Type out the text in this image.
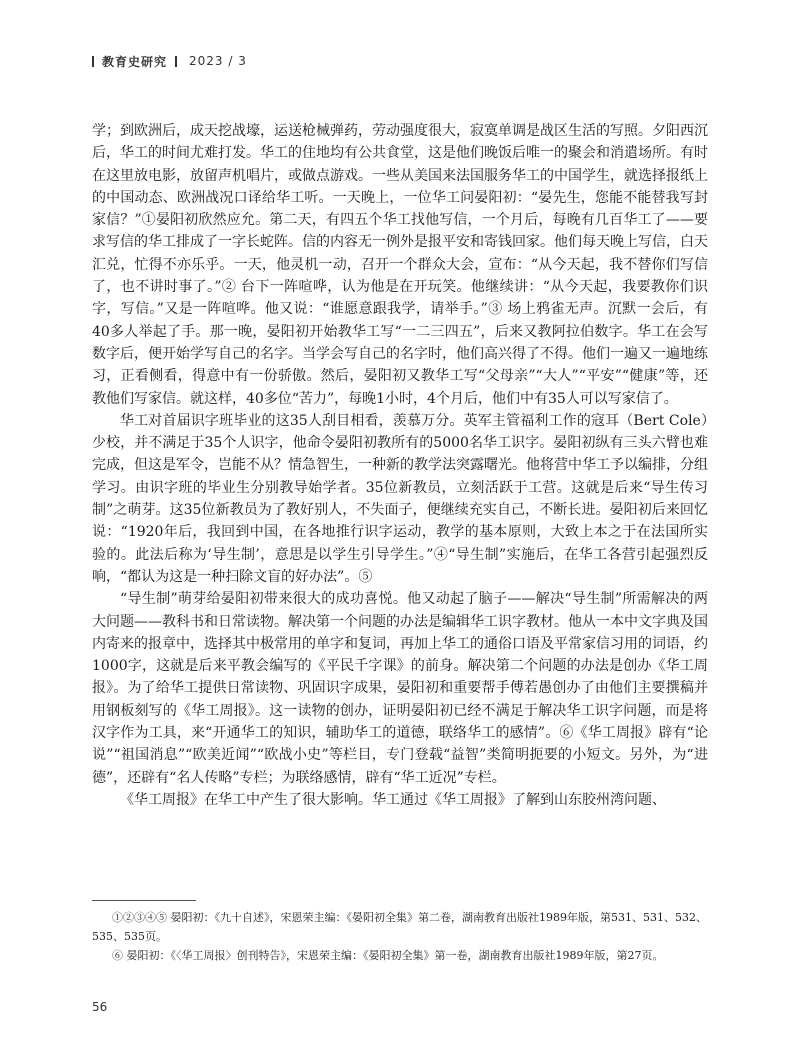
教育史研究 2023 / 3

学；到欧洲后，成天挖战壕，运送枪械弹药，劳动强度很大，寂寞单调是战区生活的写照。夕阳西沉后，华工的时间尤难打发。华工的住地均有公共食堂，这是他们晚饭后唯一的聚会和消遣场所。有时在这里放电影，放留声机唱片，或做点游戏。一些从美国来法国服务华工的中国学生，就选择报纸上的中国动态、欧洲战况口译给华工听。一天晚上，一位华工问晏阳初：“晏先生，您能不能替我写封家信？”①晏阳初欣然应允。第二天，有四五个华工找他写信，一个月后，每晚有几百华工了——要求写信的华工排成了一字长蛇阵。信的内容无一例外是报平安和寄钱回家。他们每天晚上写信，白天汇兑，忙得不亦乐乎。一天，他灵机一动，召开一个群众大会，宣布：“从今天起，我不替你们写信了，也不讲时事了。”② 台下一阵喧哗，认为他是在开玩笑。他继续讲：“从今天起，我要教你们识字，写信。”又是一阵喧哗。他又说：“谁愿意跟我学，请举手。”③ 场上鸦雀无声。沉默一会后，有40多人举起了手。那一晚，晏阳初开始教华工写“一二三四五”，后来又教阿拉伯数字。华工在会写数字后，便开始学写自己的名字。当学会写自己的名字时，他们高兴得了不得。他们一遍又一遍地练习，正看侧看，得意中有一份骄傲。然后，晏阳初又教华工写“父母亲”“大人”“平安”“健康”等，还教他们写家信。就这样，40多位“苦力”，每晚1小时，4个月后，他们中有35人可以写家信了。

华工对首届识字班毕业的这35人刮目相看，羡慕万分。英军主管福利工作的寇耳（Bert Cole）少校，并不满足于35个人识字，他命令晏阳初教所有的5000名华工识字。晏阳初纵有三头六臂也难完成，但这是军令，岂能不从？情急智生，一种新的教学法突露曙光。他将营中华工予以编排，分组学习。由识字班的毕业生分别教导始学者。35位新教员，立刻活跃于工营。这就是后来“导生传习制”之萌芽。这35位新教员为了教好别人，不失面子，便继续充实自己，不断长进。晏阳初后来回忆说：“1920年后，我回到中国，在各地推行识字运动，教学的基本原则，大致上本之于在法国所实验的。此法后称为‘导生制’，意思是以学生引导学生。”④“导生制”实施后，在华工各营引起强烈反响，“都认为这是一种扫除文盲的好办法”。⑤

“导生制”萌芽给晏阳初带来很大的成功喜悦。他又动起了脑子——解决“导生制”所需解决的两大问题——教科书和日常读物。解决第一个问题的办法是编辑华工识字教材。他从一本中文字典及国内寄来的报章中，选择其中极常用的单字和复词，再加上华工的通俗口语及平常家信习用的词语，约1000字，这就是后来平教会编写的《平民千字课》的前身。解决第二个问题的办法是创办《华工周报》。为了给华工提供日常读物、巩固识字成果，晏阳初和重要帮手傅若愚创办了由他们主要撰稿并用钢板刻写的《华工周报》。这一读物的创办，证明晏阳初已经不满足于解决华工识字问题，而是将汉字作为工具，来“开通华工的知识，辅助华工的道德，联络华工的感情”。⑥《华工周报》辟有“论说”“祖国消息”“欧美近闻”“欧战小史”等栏目，专门登载“益智”类简明扼要的小短文。另外，为“进德”，还辟有“名人传略”专栏；为联络感情，辟有“华工近况”专栏。

《华工周报》在华工中产生了很大影响。华工通过《华工周报》了解到山东胶州湾问题、

①②③④⑤ 晏阳初：《九十自述》，宋恩荣主编：《晏阳初全集》第二卷，湖南教育出版社1989年版，第531、531、532、535、535页。

⑥ 晏阳初：《〈华工周报〉创刊特告》，宋恩荣主编：《晏阳初全集》第一卷，湖南教育出版社1989年版，第27页。

56
